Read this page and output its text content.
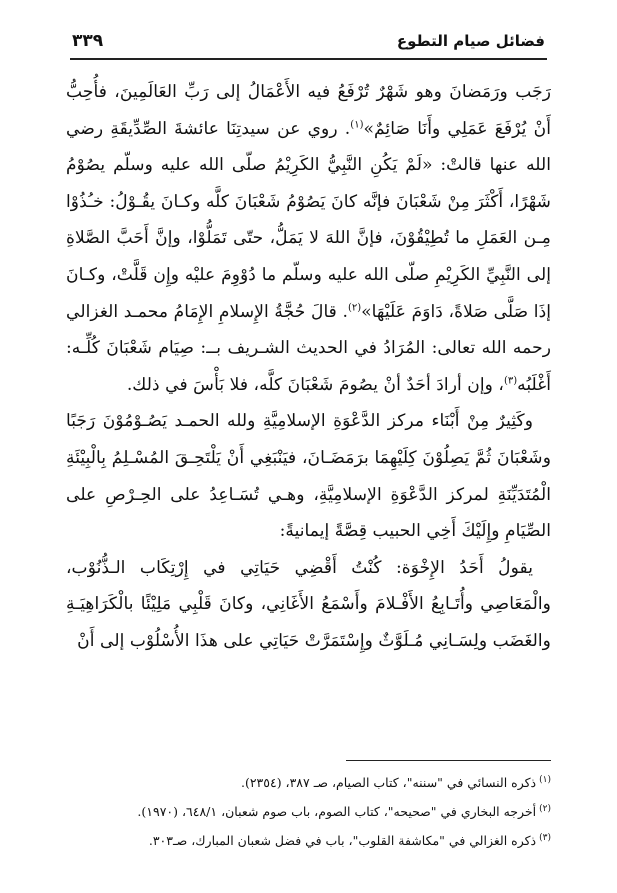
فضائل صيام التطوع
٣٣٩

رَجَب ورَمَضانَ وهو شَهْرٌ تُرْفَعُ فيه الأَعْمَالُ إلى رَبِّ العَالَمِينَ، فأُحِبُّ أَنْ يُرْفَعَ عَمَلِي وأَنَا صَائِمٌ»$^{(١)}$. روي عن سيدتِنَا عائشةَ الصِّدِّيقَةِ رضي الله عنها قالتْ: «لَمْ يَكُنِ النَّبِيُّ الكَرِيْمُ صلّى الله عليه وسلّم يصُوْمُ شَهْرًا، أَكْثَرَ مِنْ شَعْبَانَ فإنَّه كانَ يَصُوْمُ شَعْبَانَ كلَّه وكـانَ يقُـوْلُ: خـُذُوْا مِـن العَمَلِ ما تُطِيْقُوْنَ، فإنَّ اللهَ لا يَمَلُّ، حتّى تَمَلُّوْا، وإنَّ أَحَبَّ الصَّلاةِ إلى النَّبِيِّ الكَرِيْمِ صلّى الله عليه وسلّم ما دُوْوِمَ عليْه وإِن قَلَّتْ، وكـانَ إذَا صَلَّى صَلاةً، دَاوَمَ عَلَيْهَا»$^{(٢)}$. قالَ حُجَّةُ الإِسلامِ الإِمَامُ محمـد الغزالي رحمه الله تعالى: المُرَادُ في الحديث الشـريف بــ: صِيَام شَعْبَانَ كُلِّـه: أَغْلَبُه$^{(٣)}$، وإن أرادَ أحَدٌ أنْ يصُومَ شَعْبَانَ كلَّه، فلا بَأْسَ في ذلك.

وكَثِيرٌ مِنْ أَبْنَاء مركز الدَّعْوَةِ الإسلامِيَّةِ ولله الحمـد يَصُـوْمُوْنَ رَجَبًا وشَعْبَانَ ثُمَّ يَصِلُوْنَ كِلَيْهِمَا برَمَضَـانَ، فيَنْبَغِي أَنْ يَلْتَحِـقَ المُسْـلِمُ بِالْبِيْئَةِ الْمُتَدَيِّنَةِ لمركز الدَّعْوَةِ الإسلامِيَّةِ، وهـي تُسَـاعِدُ على الحِـرْصِ على الصِّيَامِ وإِلَيْكَ أَخِي الحبيب قِصَّةً إيمانيةً:

يقولُ أَحَدُ الإِخْوَة: كُنْتُ أَقْضِي حَيَاتِي في إِرْتِكَاب الـذُّنُوْب، والْمَعَاصِي وأُتَـابِعُ الأَفْـلامَ وأَسْمَعُ الأَغَانِي، وكانَ قَلْبِي مَلِيْئًا بالْكَرَاهِيَـةِ والغَضَب ولِسَـانِي مُـلَوَّثٌ وإِسْتَمَرَّتْ حَيَاتِي على هذَا الأُسْلُوْب إلى أَنْ

$^{(١)}$ذكره النسائي في "سننه"، كتاب الصيام، صـ ٣٨٧، (٢٣٥٤).
$^{(٢)}$أخرجه البخاري في "صحيحه"، كتاب الصوم، باب صوم شعبان، ٦٤٨/١، (١٩٧٠).
$^{(٣)}$ذكره الغزالي في "مكاشفة القلوب"، باب في فضل شعبان المبارك، صـ٣٠٣.
